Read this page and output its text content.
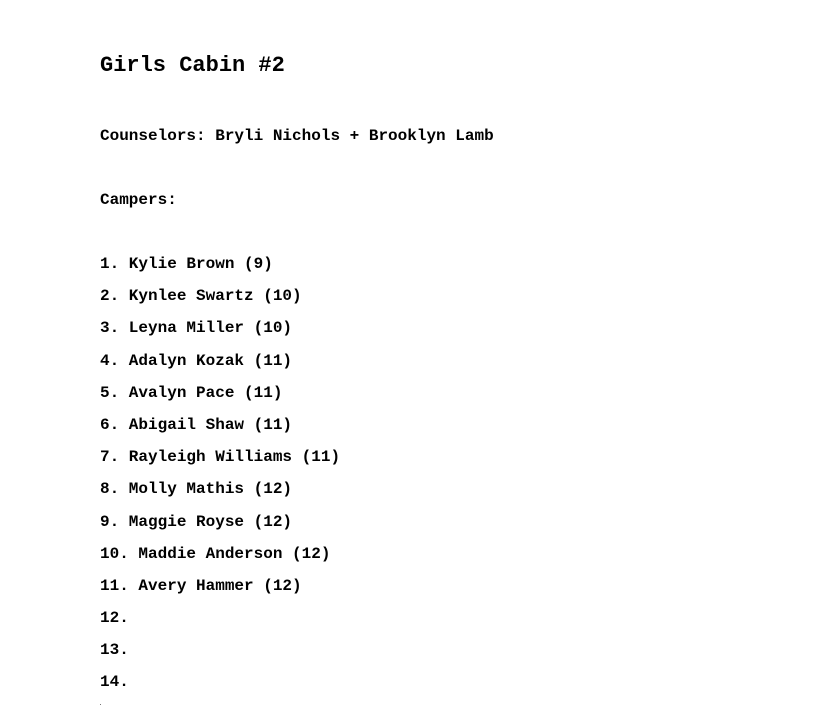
Girls Cabin #2
Counselors: Bryli Nichols + Brooklyn Lamb
Campers:
1. Kylie Brown (9)
2. Kynlee Swartz (10)
3. Leyna Miller (10)
4. Adalyn Kozak (11)
5. Avalyn Pace (11)
6. Abigail Shaw (11)
7. Rayleigh Williams (11)
8. Molly Mathis (12)
9. Maggie Royse (12)
10. Maddie Anderson (12)
11. Avery Hammer (12)
12.
13.
14.
